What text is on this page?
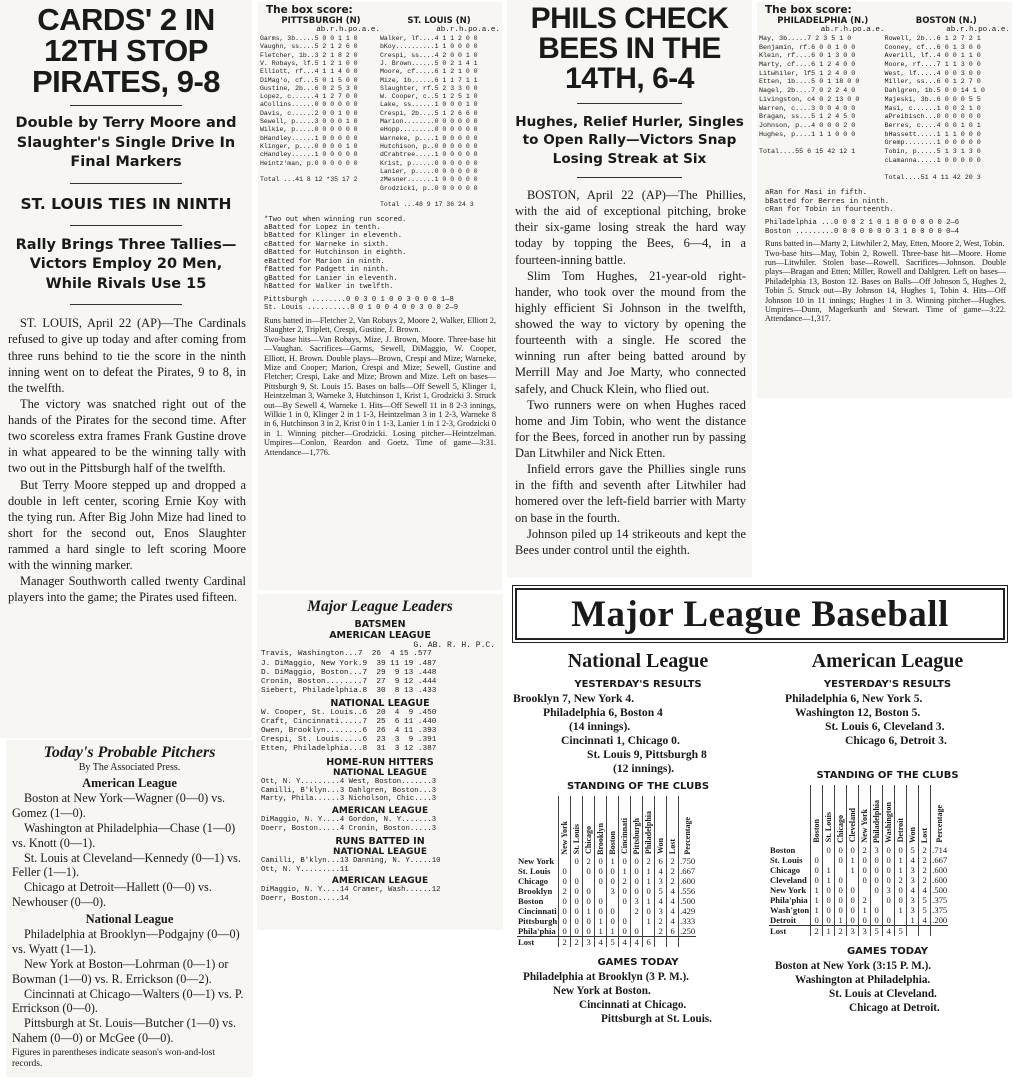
CARDS' 2 IN 12TH STOP PIRATES, 9-8
Double by Terry Moore and Slaughter's Single Drive In Final Markers
ST. LOUIS TIES IN NINTH
Rally Brings Three Tallies—Victors Employ 20 Men, While Rivals Use 15

ST. LOUIS, April 22 (AP)—The Cardinals refused to give up today and after coming from three runs behind to tie the score in the ninth inning went on to defeat the Pirates, 9 to 8, in the twelfth.

The victory was snatched right out of the hands of the Pirates for the second time. After two scoreless extra frames Frank Gustine drove in what appeared to be the winning tally with two out in the Pittsburgh half of the twelfth.

But Terry Moore stepped up and dropped a double in left center, scoring Ernie Koy with the tying run. After Big John Mize had lined to short for the second out, Enos Slaughter rammed a hard single to left scoring Moore with the winning marker.

Manager Southworth called twenty Cardinal players into the game; the Pirates used fifteen.

The box score:
PITTSBURGH (N)	ST. LOUIS (N)
ab.r.h.po.a.e.
Garms, 3b.....5 0 0 1 1 0
Vaughn, ss....5 2 1 2 6 0
Fletcher, 1b..3 2 1 8 2 0
V. Robays, lf.5 1 2 1 0 0
Elliott, rf...4 1 1 4 0 0
DiMag'o, cf...5 0 1 5 0 0
Gustine, 2b...6 0 2 5 3 0
Lopez, c......4 1 2 7 0 0
aCollins......0 0 0 0 0 0
Davis, c......2 0 0 1 0 0
Sewell, p.....3 0 0 0 1 0
Wilkie, p.....0 0 0 0 0 0
bHandley......1 0 0 0 0 0
Klinger, p....0 0 0 0 1 0
cHandley......1 0 0 0 0 0
Heintz'man, p.0 0 0 0 0 0

Total ...41 8 12 *35 17 2
ab.r.h.po.a.e.
Walker, lf....4 1 1 2 0 0
bKoy..........1 1 0 0 0 0
Crespi, ss....4 2 0 0 1 0
J. Brown......5 0 2 1 4 1
Moore, cf.....6 1 2 1 0 0
Mize, 1b......6 1 1 7 1 1
Slaughter, rf.5 2 3 3 0 0
W. Cooper, c..5 1 2 5 1 0
Lake, ss......1 0 0 0 1 0
Crespi, 2b....5 1 2 6 6 0
Marion........0 0 0 0 0 0
eHopp.........0 0 0 0 0 0
Warneke, p....1 0 0 0 0 0
Hutchison, p..0 0 0 0 0 0
dCrabtree.....1 0 0 0 0 0
Krist, p......0 0 0 0 0 0
Lanier, p.....0 0 0 0 0 0
zMesner.......1 0 0 0 0 0
Grodzicki, p..0 0 0 0 0 0

Total ...48 9 17 36 24 3
*Two out when winning run scored.
aBatted for Lopez in tenth.
bBatted for Klinger in eleventh.
cBatted for Warneke in sixth.
dBatted for Hutchinson in eighth.
eBatted for Marion in ninth.
fBatted for Padgett in ninth.
gBatted for Lanier in eleventh.
hBatted for Walker in twelfth.
Pittsburgh ........0 0 3 0 1 0 0 3 0 0 0 1—8
St. Louis ..........0 0 1 0 0 4 0 0 3 0 0 2—9
Runs batted in—Fletcher 2, Van Robays 2, Moore 2, Walker, Elliott 2, Slaughter 2, Triplett, Crespi, Gustine, J. Brown.
Two-base hits—Van Robays, Mize, J. Brown, Moore. Three-base hit—Vaughan. Sacrifices—Garms, Sewell, DiMaggio, W. Cooper, Elliott, H. Brown. Double plays—Brown, Crespi and Mize; Warneke, Mize and Cooper; Marion, Crespi and Mize; Sewell, Gustine and Fletcher; Crespi, Lake and Mize; Brown and Mize. Left on bases—Pittsburgh 9, St. Louis 15. Bases on balls—Off Sewell 5, Klinger 1, Heintzelman 3, Warneke 3, Hutchinson 1, Krist 1, Grodzicki 3. Struck out—By Sewell 4, Warneke 1. Hits—Off Sewell 11 in 8 2-3 innings, Wilkie 1 in 0, Klinger 2 in 1 1-3, Heintzelman 3 in 1 2-3, Warneke 8 in 6, Hutchinson 3 in 2, Krist 0 in 1 1-3, Lanier 1 in 1 2-3, Grodzicki 0 in 1. Winning pitcher—Grodzicki. Losing pitcher—Heintzelman. Umpires—Conlon, Reardon and Goetz. Time of game—3:31. Attendance—1,776.
PHILS CHECK BEES IN THE 14TH, 6-4
Hughes, Relief Hurler, Singles to Open Rally—Victors Snap Losing Streak at Six

BOSTON, April 22 (AP)—The Phillies, with the aid of exceptional pitching, broke their six-game losing streak the hard way today by topping the Bees, 6—4, in a fourteen-inning battle.

Slim Tom Hughes, 21-year-old right-hander, who took over the mound from the highly efficient Si Johnson in the twelfth, showed the way to victory by opening the fourteenth with a single. He scored the winning run after being batted around by Merrill May and Joe Marty, who connected safely, and Chuck Klein, who flied out.

Two runners were on when Hughes raced home and Jim Tobin, who went the distance for the Bees, forced in another run by passing Dan Litwhiler and Nick Etten.

Infield errors gave the Phillies single runs in the fifth and seventh after Litwhiler had homered over the left-field barrier with Marty on base in the fourth.

Johnson piled up 14 strikeouts and kept the Bees under control until the eighth.

The box score:
PHILADELPHIA (N.)	BOSTON (N.)
ab.r.h.po.a.e.
May, 3b.....7 2 3 5 1 0
Benjamin, rf.6 0 0 1 0 0
Klein, rf....6 0 1 3 0 0
Marty, cf....6 1 2 4 0 0
Litwhiler, lf5 1 2 4 0 0
Etten, 1b....5 0 1 18 0 0
Nagel, 2b....7 0 2 2 4 0
Livingston, c4 0 2 13 0 0
Warren, c....3 0 0 4 0 0
Bragan, ss...5 1 2 4 5 0
Johnson, p...4 0 0 0 2 0
Hughes, p....1 1 1 0 0 0

Total....55 6 15 42 12 1
ab.r.h.po.a.e.
Rowell, 2b...6 1 2 7 2 1
Cooney, cf...6 0 1 3 0 0
Averill, lf..4 0 0 1 1 0
Moore, rf....7 1 1 3 0 0
West, lf.....4 0 0 3 0 0
Miller, ss...6 0 1 2 7 0
Dahlgren, 1b.5 0 0 14 1 0
Majeski, 3b..6 0 0 0 5 5
Masi, c......1 0 0 2 1 0
aPreibisch...0 0 0 0 0 0
Berres, c....4 0 0 1 0 1
bHassett.....1 1 1 0 0 0
Gremp........1 0 0 0 0 0
Tobin, p.....5 1 3 1 3 0
cLamanna.....1 0 0 0 0 0

Total....51 4 11 42 20 3
aRan for Masi in fifth.
bBatted for Berres in ninth.
cRan for Tobin in fourteenth.
Philadelphia ...0 0 0 2 1 0 1 0 0 0 0 0 0 2—6
Boston .........0 0 0 0 0 0 0 3 1 0 0 0 0 0—4
Runs batted in—Marty 2, Litwhiler 2, May, Etten, Moore 2, West, Tobin.
Two-base hits—May, Tobin 2, Rowell. Three-base hit—Moore. Home run—Litwhiler. Stolen base—Rowell. Sacrifices—Johnson. Double plays—Bragan and Etten; Miller, Rowell and Dahlgren. Left on bases—Philadelphia 13, Boston 12. Bases on Balls—Off Johnson 5, Hughes 2, Tobin 5. Struck out—By Johnson 14, Hughes 1, Tobin 4. Hits—Off Johnson 10 in 11 innings; Hughes 1 in 3. Winning pitcher—Hughes. Umpires—Dunn, Magerkurth and Stewart. Time of game—3:22. Attendance—1,317.
Major League Leaders
BATSMEN
AMERICAN LEAGUE
G. AB. R. H. P.C.
Travis, Washington...7  26  4 15 .577
J. DiMaggio, New York.9  39 11 19 .487
D. DiMaggio, Boston...7  29  9 13 .448
Cronin, Boston........7  27  9 12 .444
Siebert, Philadelphia.8  30  8 13 .433
NATIONAL LEAGUE
W. Cooper, St. Louis..6  20  4  9 .450
Craft, Cincinnati.....7  25  6 11 .440
Owen, Brooklyn........6  26  4 11 .393
Crespi, St. Louis.....6  23  3  9 .391
Etten, Philadelphia...8  31  3 12 .387
HOME-RUN HITTERS
NATIONAL LEAGUE
Ott, N. Y.........4 West, Boston.......3
Camilli, B'klyn...3 Dahlgren, Boston...3
Marty, Phila......3 Nicholson, Chic....3
AMERICAN LEAGUE
DiMaggio, N. Y....4 Gordon, N. Y.......3
Doerr, Boston.....4 Cronin, Boston.....3
RUNS BATTED IN
NATIONAL LEAGUE
Camilli, B'klyn...13 Danning, N. Y.....10
Ott, N. Y.........11
AMERICAN LEAGUE
DiMaggio, N. Y....14 Cramer, Wash......12
Doerr, Boston.....14
Today's Probable Pitchers
By The Associated Press.
American League

Boston at New York—Wagner (0—0) vs. Gomez (1—0).

Washington at Philadelphia—Chase (1—0) vs. Knott (0—1).

St. Louis at Cleveland—Kennedy (0—1) vs. Feller (1—1).

Chicago at Detroit—Hallett (0—0) vs. Newhouser (0—0).

National League

Philadelphia at Brooklyn—Podgajny (0—0) vs. Wyatt (1—1).

New York at Boston—Lohrman (0—1) or Bowman (1—0) vs. R. Errickson (0—2).

Cincinnati at Chicago—Walters (0—1) vs. P. Errickson (0—0).

Pittsburgh at St. Louis—Butcher (1—0) vs. Nahem (0—0) or McGee (0—0).

Figures in parentheses indicate season's won-and-lost records.
Major League Baseball
National League
YESTERDAY'S RESULTS
Brooklyn 7, New York 4.
Philadelphia 6, Boston 4
(14 innings).
Cincinnati 1, Chicago 0.
St. Louis 9, Pittsburgh 8
(12 innings).
STANDING OF THE CLUBS
	New York	St. Louis	Chicago	Brooklyn	Boston	Cincinnati	Pittsburgh	Philadelphia	Won	Lost	Percentage
New York		0	2	0	1	0	0	2	6	2	.750
St. Louis	0		0	0	0	1	0	1	4	2	.667
Chicago	0	0		0	0	2	0	1	3	2	.600
Brooklyn	2	0	0		3	0	0	0	5	4	.556
Boston	0	0	0	0		0	3	1	4	4	.500
Cincinnati	0	0	1	0	0		2	0	3	4	.429
Pittsburgh	0	0	0	1	0	0		1	2	4	.333
Phila'phia	0	0	0	1	1	0	0		2	6	.250
Lost	2	2	3	4	5	4	4	6			
GAMES TODAY
Philadelphia at Brooklyn (3 P. M.).
New York at Boston.
Cincinnati at Chicago.
Pittsburgh at St. Louis.
American League
YESTERDAY'S RESULTS
Philadelphia 6, New York 5.
Washington 12, Boston 5.
St. Louis 6, Cleveland 3.
Chicago 6, Detroit 3.
STANDING OF THE CLUBS
	Boston	St. Louis	Chicago	Cleveland	New York	Philadelphia	Washington	Detroit	Won	Lost	Percentage
Boston		0	0	0	2	3	0	0	5	2	.714
St. Louis	0		0	1	0	0	0	1	4	2	.667
Chicago	0	1		1	0	0	0	1	3	2	.600
Cleveland	0	1	0		0	0	0	2	3	2	.600
New York	1	0	0	0		0	3	0	4	4	.500
Phila'phia	1	0	0	0	2		0	0	3	5	.375
Wash'gton	1	0	0	0	1	0		1	3	5	.375
Detroit	0	0	1	0	0	0	0		1	4	.200
Lost	2	1	2	3	3	5	4	5			
GAMES TODAY
Boston at New York (3:15 P. M.).
Washington at Philadelphia.
St. Louis at Cleveland.
Chicago at Detroit.
